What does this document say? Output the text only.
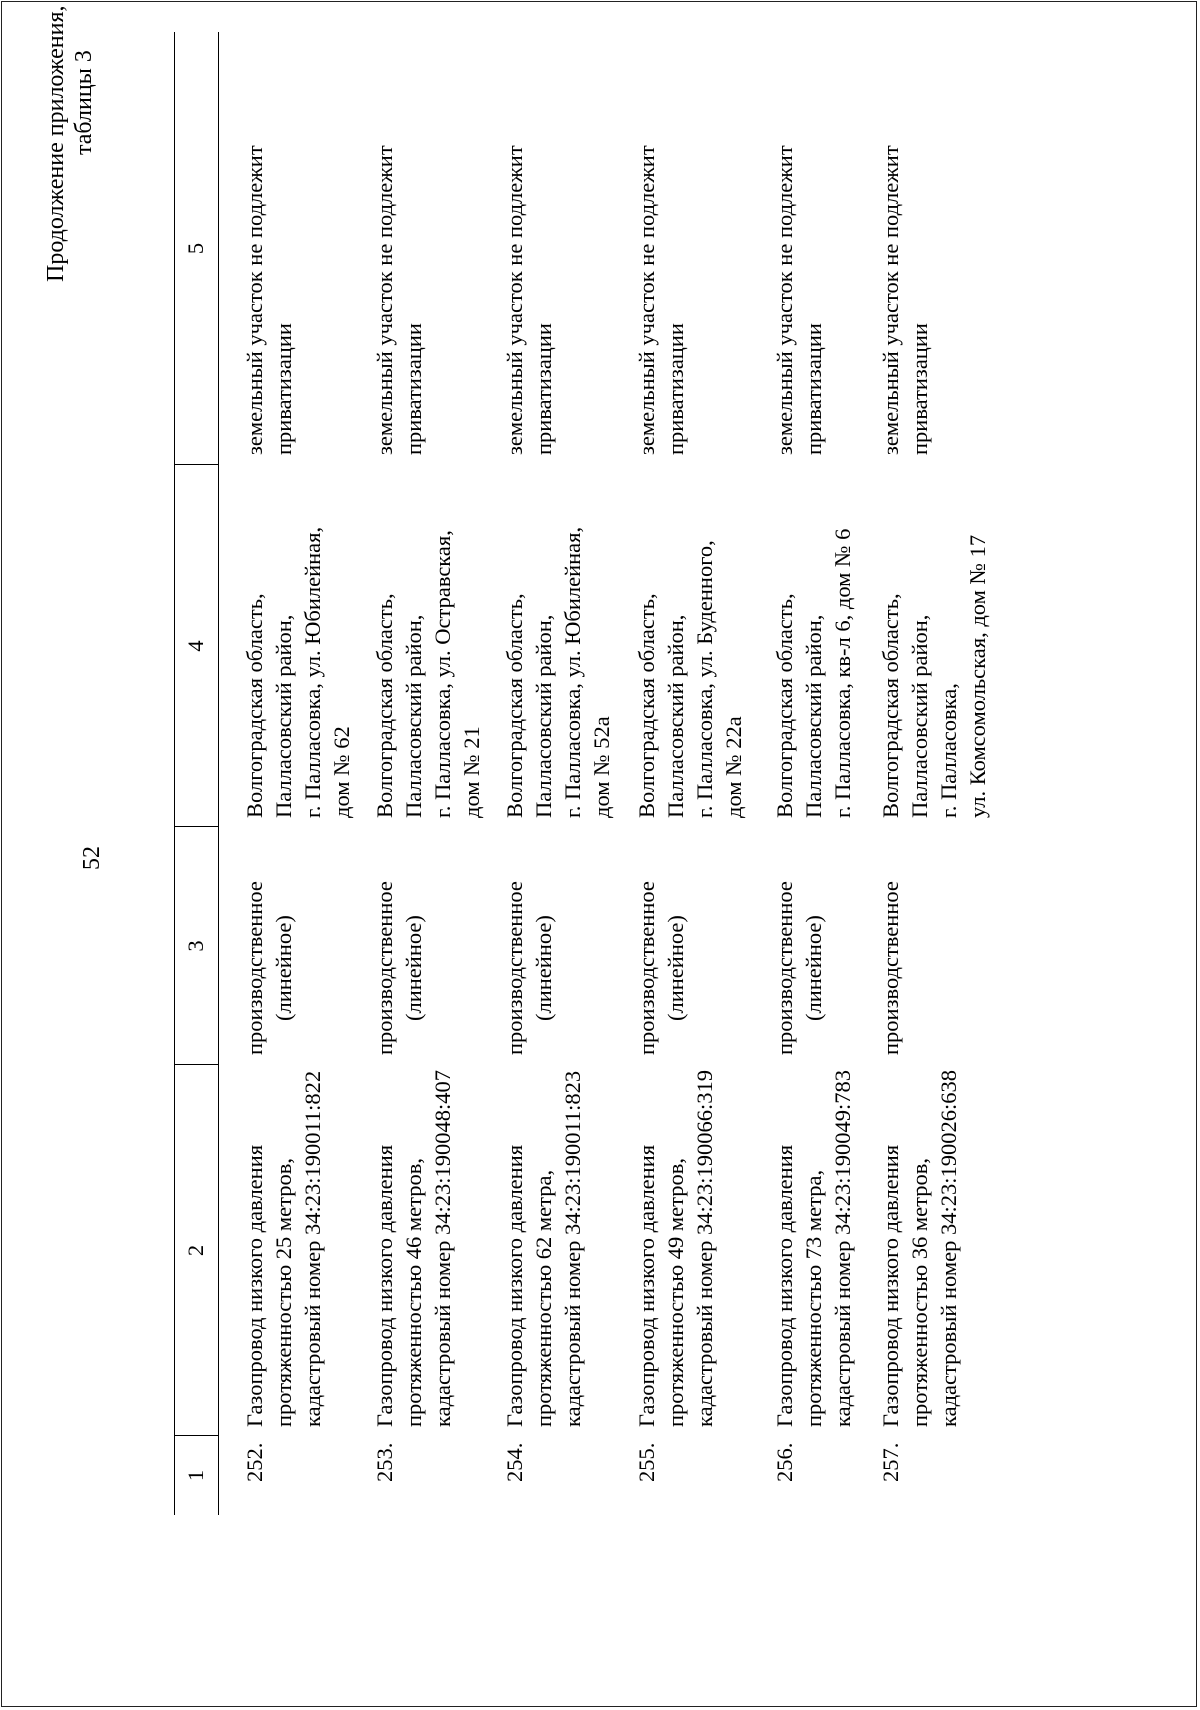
52
Продолжение приложения, таблицы 3
1
2
3
4
5
252.
Газопровод низкого давления
протяженностью 25 метров,
кадастровый номер 34:23:190011:822
производственное
(линейное)
Волгоградская область,
Палласовский район,
г. Палласовка, ул. Юбилейная,
дом № 62
земельный участок не подлежит
приватизации
253.
Газопровод низкого давления
протяженностью 46 метров,
кадастровый номер 34:23:190048:407
производственное
(линейное)
Волгоградская область,
Палласовский район,
г. Палласовка, ул. Остравская,
дом № 21
земельный участок не подлежит
приватизации
254.
Газопровод низкого давления
протяженностью 62 метра,
кадастровый номер 34:23:190011:823
производственное
(линейное)
Волгоградская область,
Палласовский район,
г. Палласовка, ул. Юбилейная,
дом № 52а
земельный участок не подлежит
приватизации
255.
Газопровод низкого давления
протяженностью 49 метров,
кадастровый номер 34:23:190066:319
производственное
(линейное)
Волгоградская область,
Палласовский район,
г. Палласовка, ул. Буденного,
дом № 22а
земельный участок не подлежит
приватизации
256.
Газопровод низкого давления
протяженностью 73 метра,
кадастровый номер 34:23:190049:783
производственное
(линейное)
Волгоградская область,
Палласовский район,
г. Палласовка, кв-л 6, дом № 6
земельный участок не подлежит
приватизации
257.
Газопровод низкого давления
протяженностью 36 метров,
кадастровый номер 34:23:190026:638
производственное
Волгоградская область,
Палласовский район,
г. Палласовка,
ул. Комсомольская, дом № 17
земельный участок не подлежит
приватизации
